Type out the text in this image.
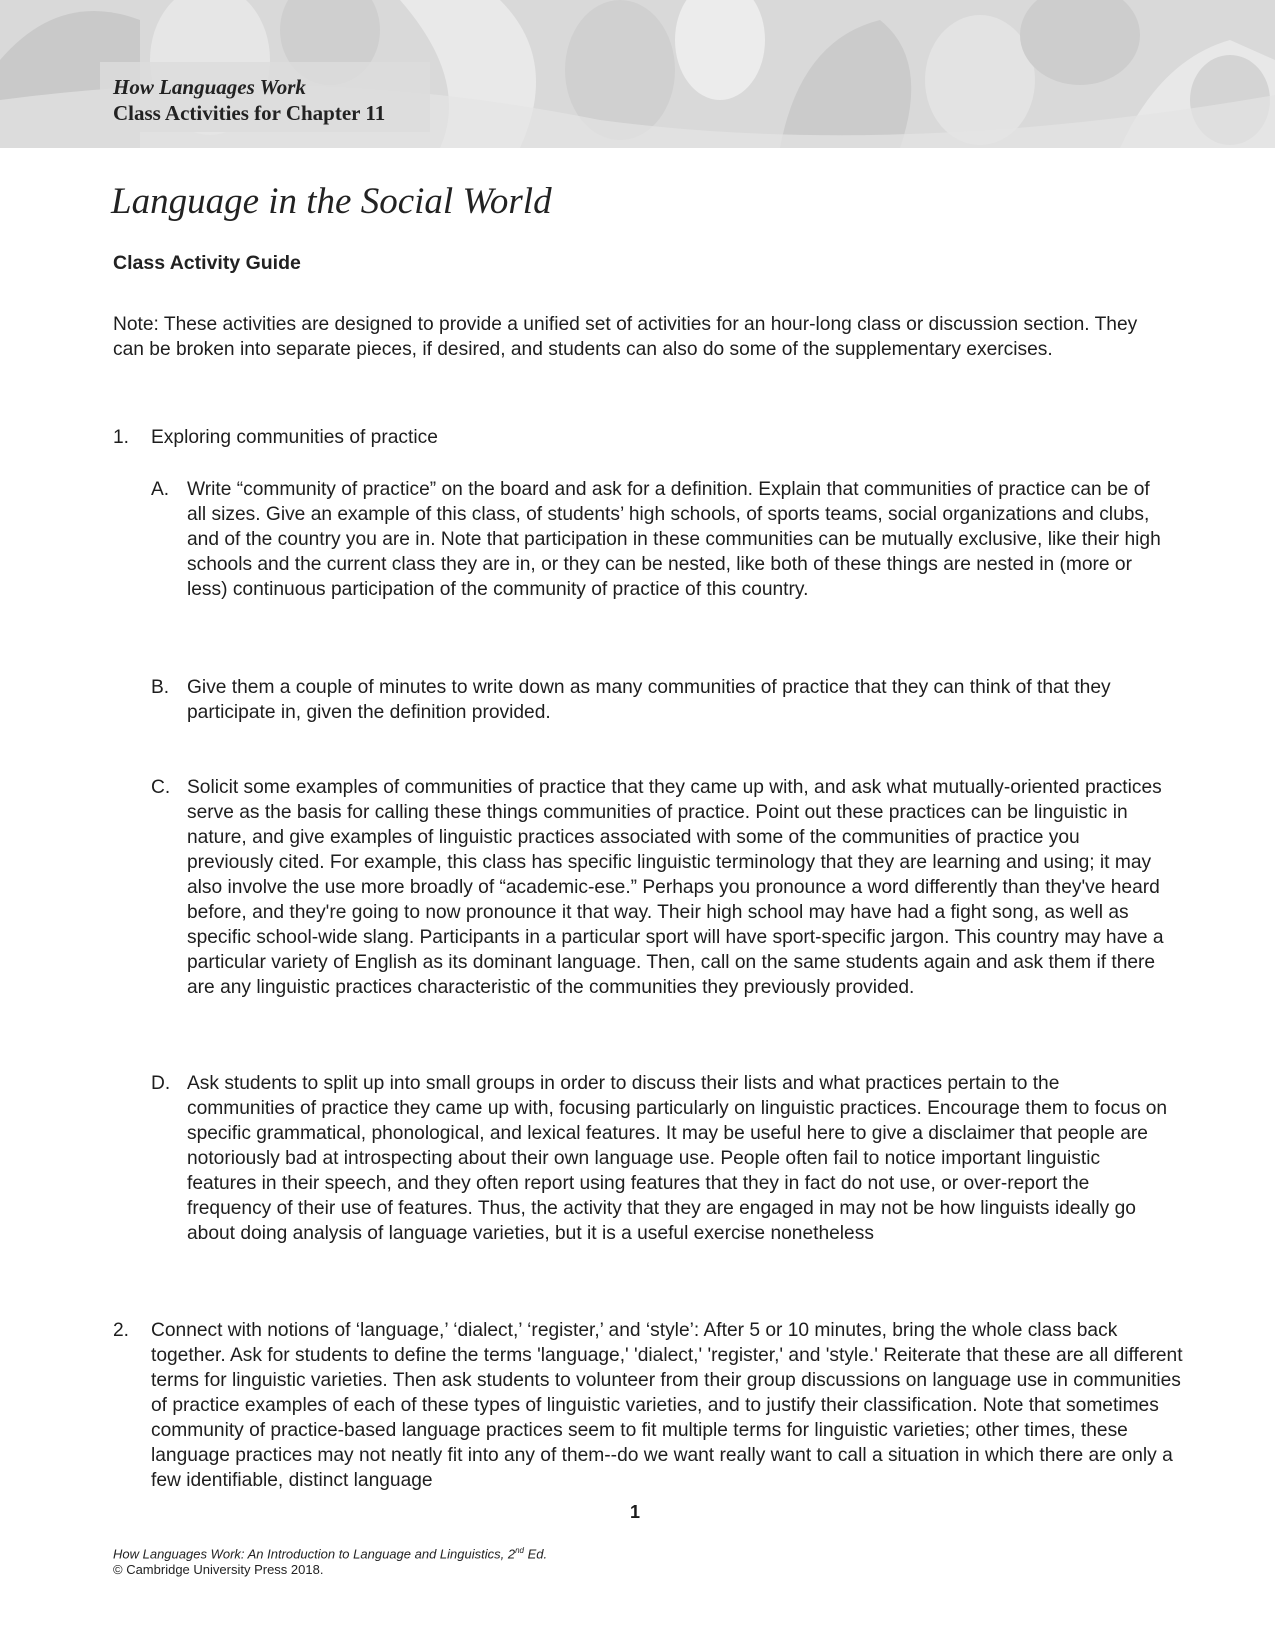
How Languages Work
Class Activities for Chapter 11
Language in the Social World
Class Activity Guide
Note: These activities are designed to provide a unified set of activities for an hour-long class or discussion section. They can be broken into separate pieces, if desired, and students can also do some of the supplementary exercises.
1.	Exploring communities of practice
A. Write “community of practice” on the board and ask for a definition. Explain that communities of practice can be of all sizes. Give an example of this class, of students’ high schools, of sports teams, social organizations and clubs, and of the country you are in. Note that participation in these communities can be mutually exclusive, like their high schools and the current class they are in, or they can be nested, like both of these things are nested in (more or less) continuous participation of the community of practice of this country.
B. Give them a couple of minutes to write down as many communities of practice that they can think of that they participate in, given the definition provided.
C. Solicit some examples of communities of practice that they came up with, and ask what mutually-oriented practices serve as the basis for calling these things communities of practice. Point out these practices can be linguistic in nature, and give examples of linguistic practices associated with some of the communities of practice you previously cited. For example, this class has specific linguistic terminology that they are learning and using; it may also involve the use more broadly of “academic-ese.” Perhaps you pronounce a word differently than they've heard before, and they're going to now pronounce it that way. Their high school may have had a fight song, as well as specific school-wide slang. Participants in a particular sport will have sport-specific jargon. This country may have a particular variety of English as its dominant language. Then, call on the same students again and ask them if there are any linguistic practices characteristic of the communities they previously provided.
D. Ask students to split up into small groups in order to discuss their lists and what practices pertain to the communities of practice they came up with, focusing particularly on linguistic practices. Encourage them to focus on specific grammatical, phonological, and lexical features. It may be useful here to give a disclaimer that people are notoriously bad at introspecting about their own language use. People often fail to notice important linguistic features in their speech, and they often report using features that they in fact do not use, or over-report the frequency of their use of features. Thus, the activity that they are engaged in may not be how linguists ideally go about doing analysis of language varieties, but it is a useful exercise nonetheless
2.	Connect with notions of ‘language,’ ‘dialect,’ ‘register,’ and ‘style’: After 5 or 10 minutes, bring the whole class back together. Ask for students to define the terms 'language,' 'dialect,' 'register,' and 'style.' Reiterate that these are all different terms for linguistic varieties. Then ask students to volunteer from their group discussions on language use in communities of practice examples of each of these types of linguistic varieties, and to justify their classification. Note that sometimes community of practice-based language practices seem to fit multiple terms for linguistic varieties; other times, these language practices may not neatly fit into any of them--do we want really want to call a situation in which there are only a few identifiable, distinct language
1
How Languages Work: An Introduction to Language and Linguistics, 2nd Ed.
© Cambridge University Press 2018.
